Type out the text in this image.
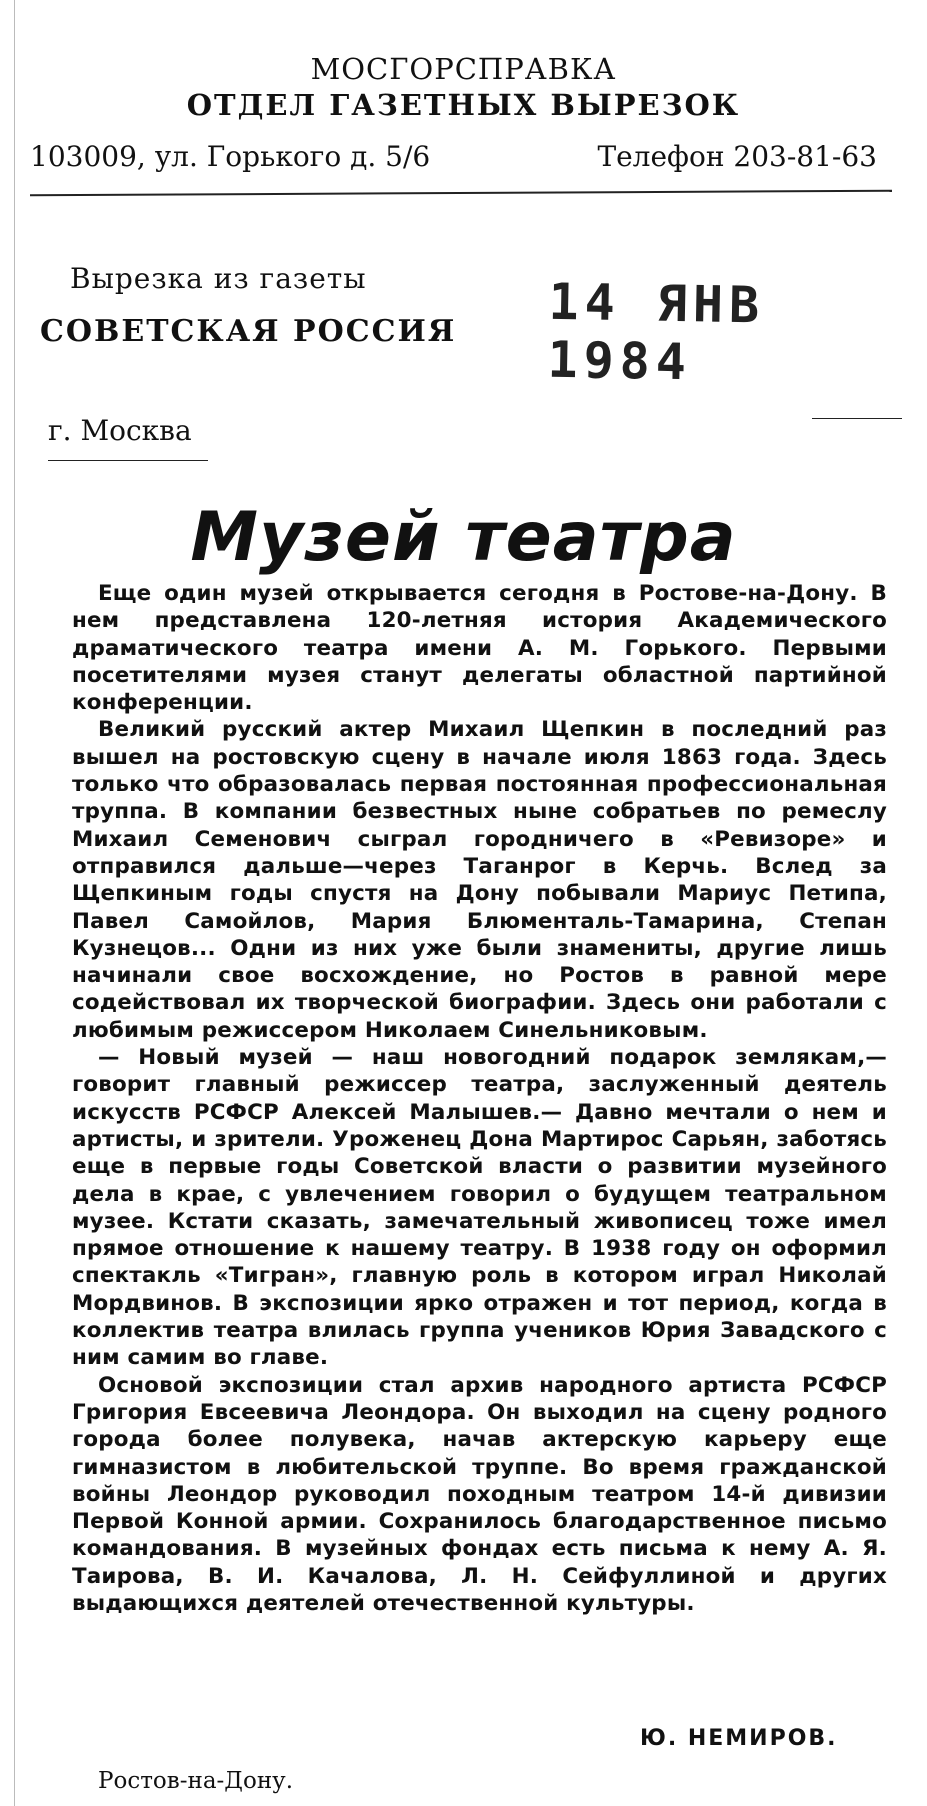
МОСГОРСПРАВКА
ОТДЕЛ ГАЗЕТНЫХ ВЫРЕЗОК
103009, ул. Горького д. 5/6	Телефон 203-81-63
Вырезка из газеты
СОВЕТСКАЯ РОССИЯ 14 ЯНВ 1984
г. Москва
Музей театра

Еще один музей открывается сегодня в Ростове-на-Дону. В нем представлена 120-летняя история Академического драматического театра имени А. М. Горького. Первыми посетителями музея станут делегаты областной партийной конференции.

Великий русский актер Михаил Щепкин в последний раз вышел на ростовскую сцену в начале июля 1863 года. Здесь только что образовалась первая постоянная профессиональная труппа. В компании безвестных ныне собратьев по ремеслу Михаил Семенович сыграл городничего в «Ревизоре» и отправился дальше—через Таганрог в Керчь. Вслед за Щепкиным годы спустя на Дону побывали Мариус Петипа, Павел Самойлов, Мария Блюменталь-Тамарина, Степан Кузнецов... Одни из них уже были знамениты, другие лишь начинали свое восхождение, но Ростов в равной мере содействовал их творческой биографии. Здесь они работали с любимым режиссером Николаем Синельниковым.

— Новый музей — наш новогодний подарок землякам,— говорит главный режиссер театра, заслуженный деятель искусств РСФСР Алексей Малышев.— Давно мечтали о нем и артисты, и зрители. Уроженец Дона Мартирос Сарьян, заботясь еще в первые годы Советской власти о развитии музейного дела в крае, с увлечением говорил о будущем театральном музее. Кстати сказать, замечательный живописец тоже имел прямое отношение к нашему театру. В 1938 году он оформил спектакль «Тигран», главную роль в котором играл Николай Мордвинов. В экспозиции ярко отражен и тот период, когда в коллектив театра влилась группа учеников Юрия Завадского с ним самим во главе.

Основой экспозиции стал архив народного артиста РСФСР Григория Евсеевича Леондора. Он выходил на сцену родного города более полувека, начав актерскую карьеру еще гимназистом в любительской труппе. Во время гражданской войны Леондор руководил походным театром 14-й дивизии Первой Конной армии. Сохранилось благодарственное письмо командования. В музейных фондах есть письма к нему А. Я. Таирова, В. И. Качалова, Л. Н. Сейфуллиной и других выдающихся деятелей отечественной культуры.

Ю. НЕМИРОВ.
Ростов-на-Дону.
